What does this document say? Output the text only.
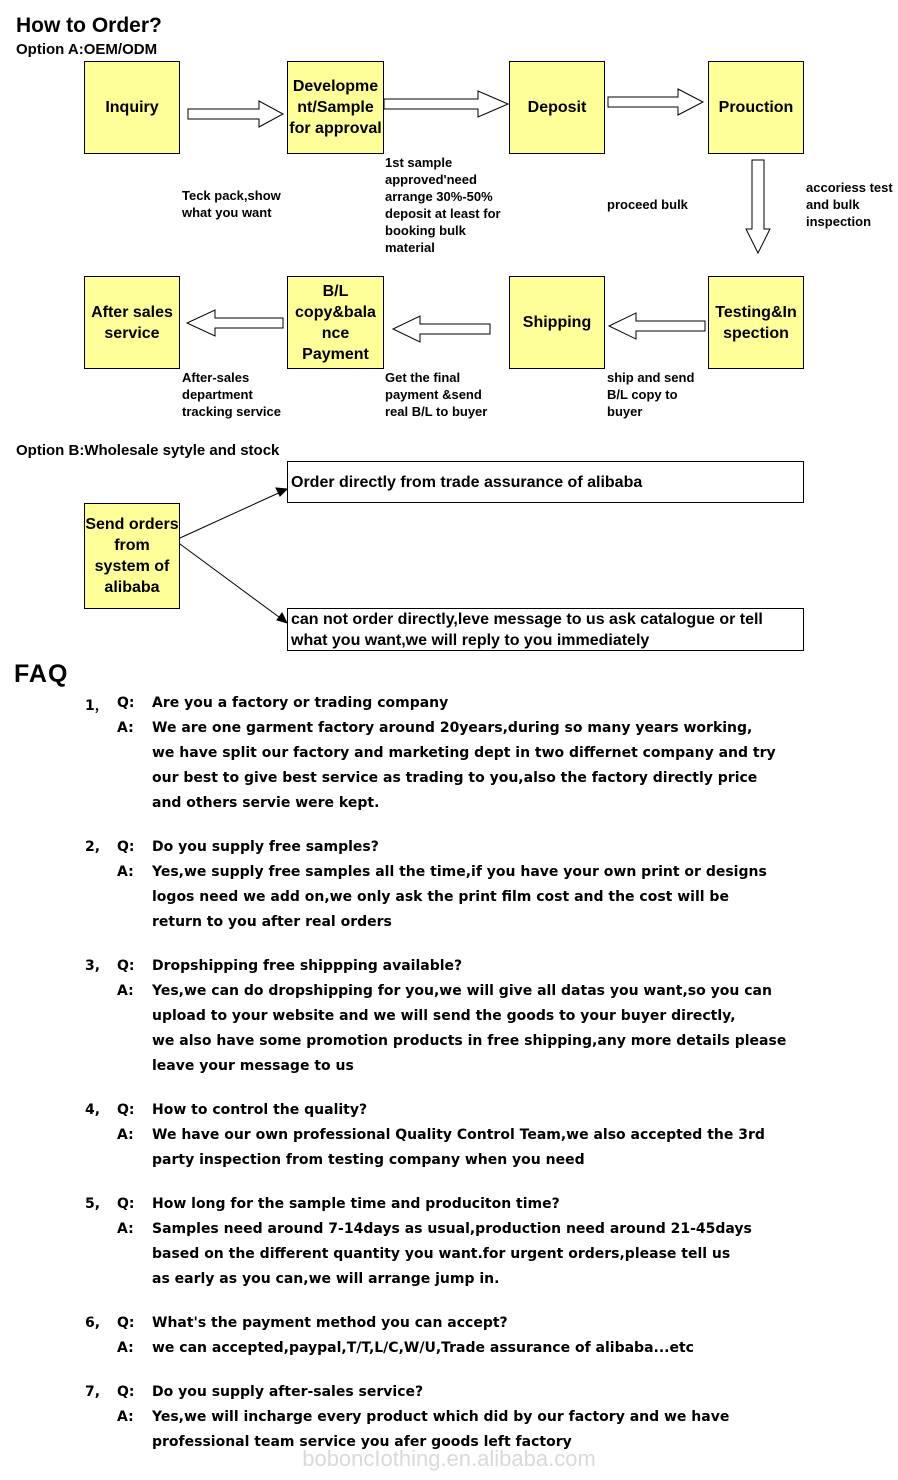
How to Order?
Option A:OEM/ODM
Inquiry
Developme nt/Sample for approval
Deposit	Prouction
Teck pack,show what you want
1st sample approved'need arrange 30%-50% deposit at least for booking bulk material
proceed bulk
accoriess test and bulk inspection
After sales service
B/L copy&bala nce Payment
Shipping
Testing&In spection
After-sales department tracking service
Get the final payment &send real B/L to buyer
ship and send B/L copy to buyer
Option B:Wholesale sytyle and stock
Send orders from system of alibaba
Order directly from trade assurance of alibaba
can not order directly,leve message to us ask catalogue or tell what you want,we will reply to you immediately
FAQ
1， Q: Are you a factory or trading company
A: We are one garment factory around 20years,during so many years working,
we have split our factory and marketing dept in two differnet company and try
our best to give best service as trading to you,also the factory directly price
and others servie were kept.
2, Q: Do you supply free samples?
A: Yes,we supply free samples all the time,if you have your own print or designs
logos need we add on,we only ask the print film cost and the cost will be
return to you after real orders
3, Q: Dropshipping free shippping available?
A: Yes,we can do dropshipping for you,we will give all datas you want,so you can
upload to your website and we will send the goods to your buyer directly,
we also have some promotion products in free shipping,any more details please
leave your message to us
4, Q: How to control the quality?
A: We have our own professional Quality Control Team,we also accepted the 3rd
party inspection from testing company when you need
5, Q: How long for the sample time and produciton time?
A: Samples need around 7-14days as usual,production need around 21-45days
based on the different quantity you want.for urgent orders,please tell us
as early as you can,we will arrange jump in.
6, Q: What's the payment method you can accept?
A: we can accepted,paypal,T/T,L/C,W/U,Trade assurance of alibaba...etc
7, Q: Do you supply after-sales service?
A: Yes,we will incharge every product which did by our factory and we have
professional team service you afer goods left factory
boboncIothing.en.alibaba.com
